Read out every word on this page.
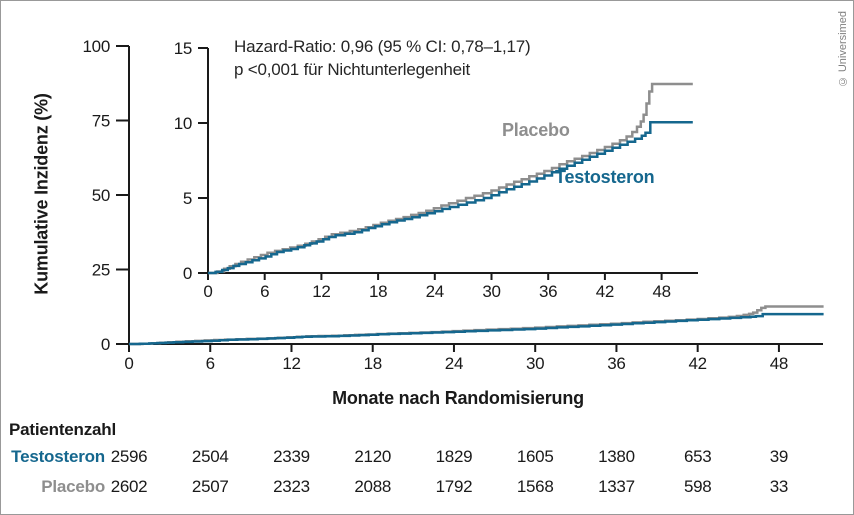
0
25
50
75
100
0	6	12	18	24	30	36	42	48
0
5
10
15
0	6	12 18 24 30 36 42 48
Kumulative Inzidenz (%)
Hazard-Ratio: 0,96 (95 % CI: 0,78–1,17)
p <0,001 für Nichtunterlegenheit
Placebo
Testosteron
Monate nach Randomisierung
Patientenzahl
Testosteron 2596	2504	2339	2120	1829	1605	1380	653	39
Placebo 2602	2507	2323	2088	1792	1568	1337	598	33
© Universimed
